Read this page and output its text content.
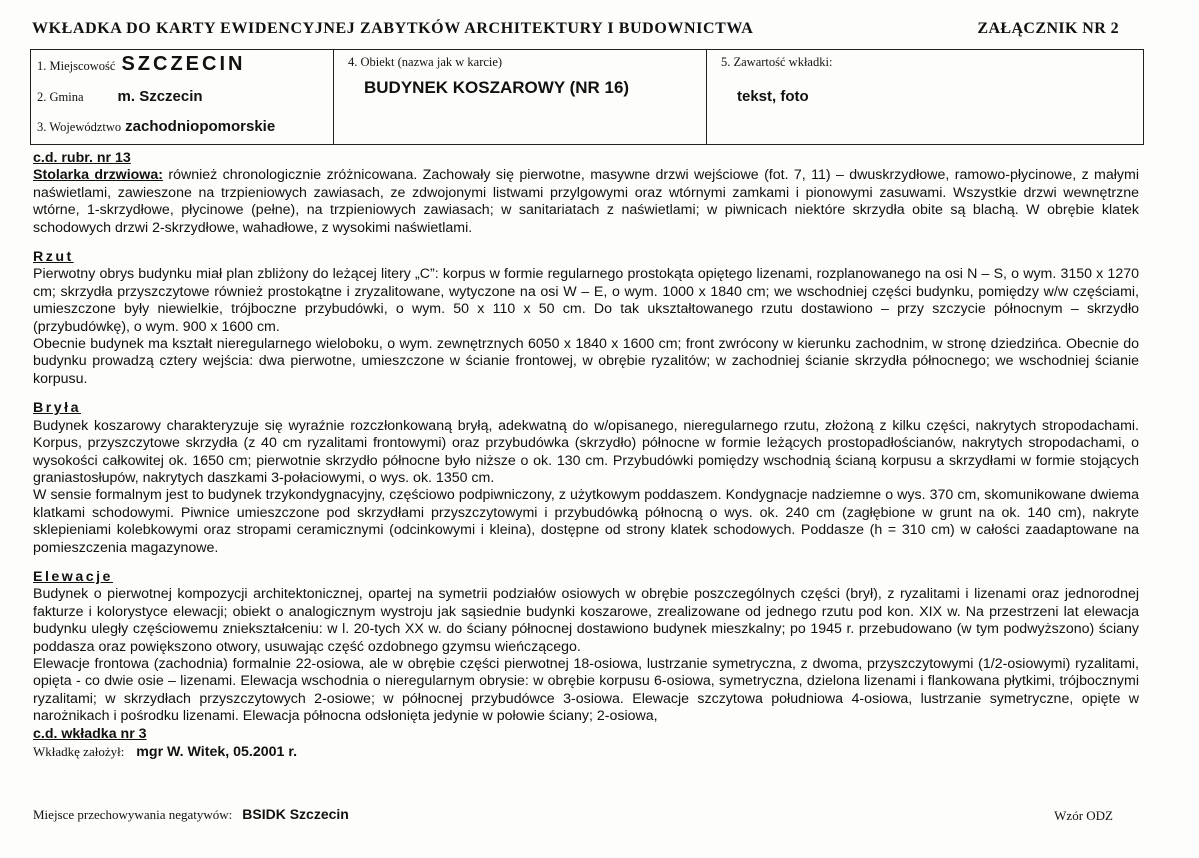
WKŁADKA DO KARTY EWIDENCYJNEJ ZABYTKÓW ARCHITEKTURY I BUDOWNICTWA	ZAŁĄCZNIK NR 2
1. Miejscowość SZCZECIN
2. Gmina m. Szczecin
3. Województwo zachodniopomorskie
4. Obiekt (nazwa jak w karcie)
BUDYNEK KOSZAROWY (NR 16)
5. Zawartość wkładki:
tekst, foto
c.d. rubr. nr 13

Stolarka drzwiowa: również chronologicznie zróżnicowana. Zachowały się pierwotne, masywne drzwi wejściowe (fot. 7, 11) – dwuskrzydłowe, ramowo-płycinowe, z małymi naświetlami, zawieszone na trzpieniowych zawiasach, ze zdwojonymi listwami przylgowymi oraz wtórnymi zamkami i pionowymi zasuwami. Wszystkie drzwi wewnętrzne wtórne, 1-skrzydłowe, płycinowe (pełne), na trzpieniowych zawiasach; w sanitariatach z naświetlami; w piwnicach niektóre skrzydła obite są blachą. W obrębie klatek schodowych drzwi 2-skrzydłowe, wahadłowe, z wysokimi naświetlami.

Rzut

Pierwotny obrys budynku miał plan zbliżony do leżącej litery „C”: korpus w formie regularnego prostokąta opiętego lizenami, rozplanowanego na osi N – S, o wym. 3150 x 1270 cm; skrzydła przyszczytowe również prostokątne i zryzalitowane, wytyczone na osi W – E, o wym. 1000 x 1840 cm; we wschodniej części budynku, pomiędzy w/w częściami, umieszczone były niewielkie, trójboczne przybudówki, o wym. 50 x 110 x 50 cm. Do tak ukształtowanego rzutu dostawiono – przy szczycie północnym – skrzydło (przybudówkę), o wym. 900 x 1600 cm.

Obecnie budynek ma kształt nieregularnego wieloboku, o wym. zewnętrznych 6050 x 1840 x 1600 cm; front zwrócony w kierunku zachodnim, w stronę dziedzińca. Obecnie do budynku prowadzą cztery wejścia: dwa pierwotne, umieszczone w ścianie frontowej, w obrębie ryzalitów; w zachodniej ścianie skrzydła północnego; we wschodniej ścianie korpusu.

Bryła

Budynek koszarowy charakteryzuje się wyraźnie rozczłonkowaną bryłą, adekwatną do w/opisanego, nieregularnego rzutu, złożoną z kilku części, nakrytych stropodachami. Korpus, przyszczytowe skrzydła (z 40 cm ryzalitami frontowymi) oraz przybudówka (skrzydło) północne w formie leżących prostopadłościanów, nakrytych stropodachami, o wysokości całkowitej ok. 1650 cm; pierwotnie skrzydło północne było niższe o ok. 130 cm. Przybudówki pomiędzy wschodnią ścianą korpusu a skrzydłami w formie stojących graniastosłupów, nakrytych daszkami 3-połaciowymi, o wys. ok. 1350 cm.

W sensie formalnym jest to budynek trzykondygnacyjny, częściowo podpiwniczony, z użytkowym poddaszem. Kondygnacje nadziemne o wys. 370 cm, skomunikowane dwiema klatkami schodowymi. Piwnice umieszczone pod skrzydłami przyszczytowymi i przybudówką północną o wys. ok. 240 cm (zagłębione w grunt na ok. 140 cm), nakryte sklepieniami kolebkowymi oraz stropami ceramicznymi (odcinkowymi i kleina), dostępne od strony klatek schodowych. Poddasze (h = 310 cm) w całości zaadaptowane na pomieszczenia magazynowe.

Elewacje

Budynek o pierwotnej kompozycji architektonicznej, opartej na symetrii podziałów osiowych w obrębie poszczególnych części (brył), z ryzalitami i lizenami oraz jednorodnej fakturze i kolorystyce elewacji; obiekt o analogicznym wystroju jak sąsiednie budynki koszarowe, zrealizowane od jednego rzutu pod kon. XIX w. Na przestrzeni lat elewacja budynku uległy częściowemu zniekształceniu: w l. 20-tych XX w. do ściany północnej dostawiono budynek mieszkalny; po 1945 r. przebudowano (w tym podwyższono) ściany poddasza oraz powiększono otwory, usuwając część ozdobnego gzymsu wieńczącego.

Elewacje frontowa (zachodnia) formalnie 22-osiowa, ale w obrębie części pierwotnej 18-osiowa, lustrzanie symetryczna, z dwoma, przyszczytowymi (1/2-osiowymi) ryzalitami, opięta - co dwie osie – lizenami. Elewacja wschodnia o nieregularnym obrysie: w obrębie korpusu 6-osiowa, symetryczna, dzielona lizenami i flankowana płytkimi, trójbocznymi ryzalitami; w skrzydłach przyszczytowych 2-osiowe; w północnej przybudówce 3-osiowa. Elewacje szczytowa południowa 4-osiowa, lustrzanie symetryczne, opięte w narożnikach i pośrodku lizenami. Elewacja północna odsłonięta jedynie w połowie ściany; 2-osiowa,

c.d. wkładka nr 3
Wkładkę założył: mgr W. Witek, 05.2001 r.
Miejsce przechowywania negatywów: BSIDK Szczecin	Wzór ODZ
